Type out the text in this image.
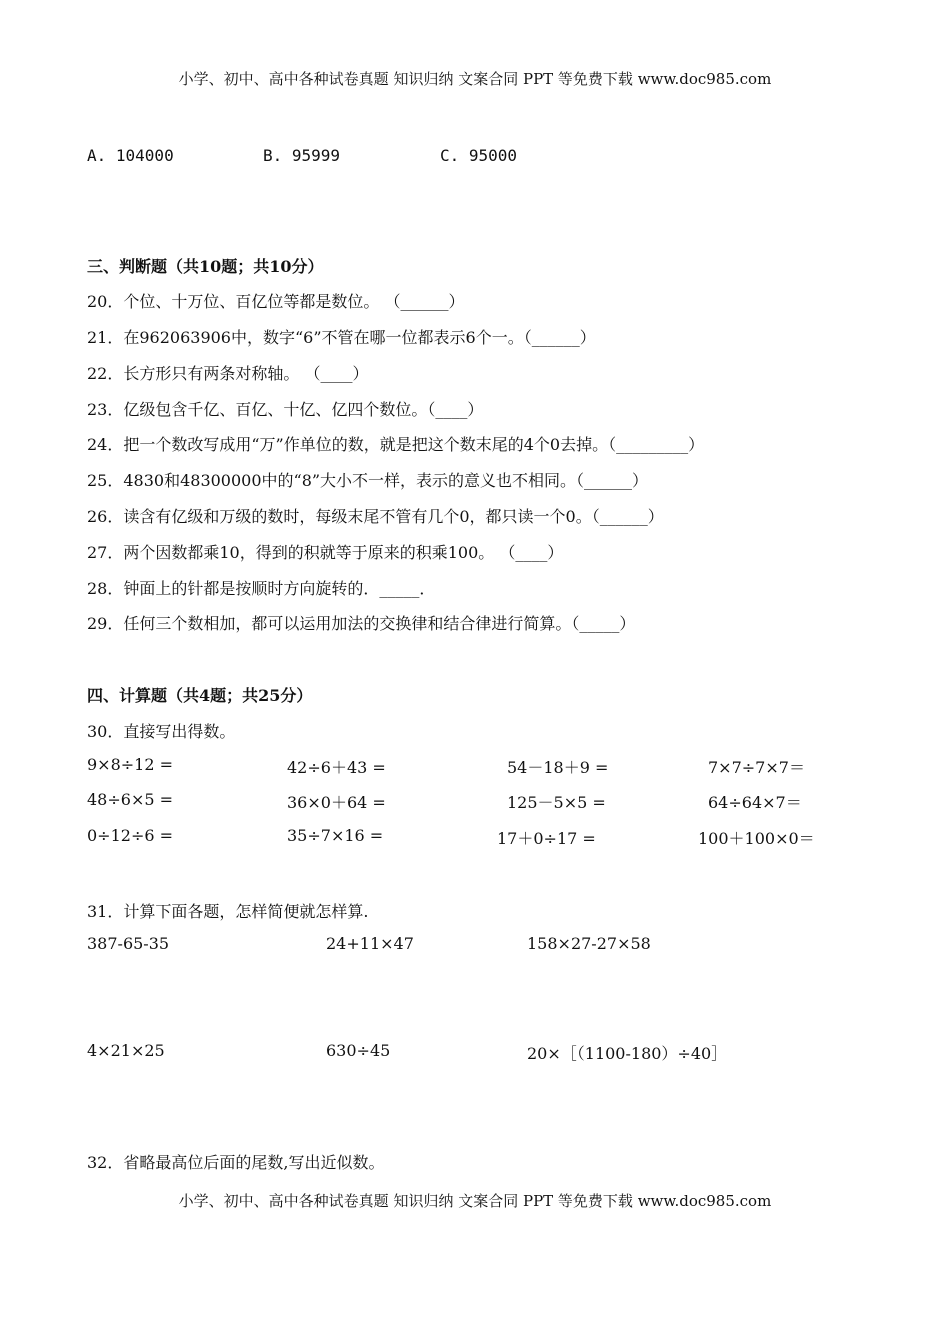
小学、初中、高中各种试卷真题 知识归纳 文案合同 PPT 等免费下载 www.doc985.com
A. 104000	B. 95999	C. 95000
三、判断题（共10题；共10分）
20．个位、十万位、百亿位等都是数位。 （______）
21．在962063906中，数字“6”不管在哪一位都表示6个一。（______）
22．长方形只有两条对称轴。 （____）
23．亿级包含千亿、百亿、十亿、亿四个数位。（____）
24．把一个数改写成用“万”作单位的数，就是把这个数末尾的4个0去掉。（_________）
25．4830和48300000中的“8”大小不一样，表示的意义也不相同。（______）
26．读含有亿级和万级的数时，每级末尾不管有几个0，都只读一个0。（______）
27．两个因数都乘10，得到的积就等于原来的积乘100。 （____）
28．钟面上的针都是按顺时方向旋转的．_____．
29．任何三个数相加，都可以运用加法的交换律和结合律进行简算。（_____）
四、计算题（共4题；共25分）
30．直接写出得数。
9×8÷12 =	42÷6＋43 =	54－18＋9 =	7×7÷7×7＝
48÷6×5 =	36×0＋64 =	125－5×5 =	64÷64×7＝
0÷12÷6 =	35÷7×16 =	17＋0÷17 =	100＋100×0＝
31．计算下面各题，怎样简便就怎样算.
387-65-35	24+11×47	158×27-27×58
4×21×25	630÷45	20×［（1100-180）÷40］
32．省略最高位后面的尾数,写出近似数。
小学、初中、高中各种试卷真题 知识归纳 文案合同 PPT 等免费下载 www.doc985.com
